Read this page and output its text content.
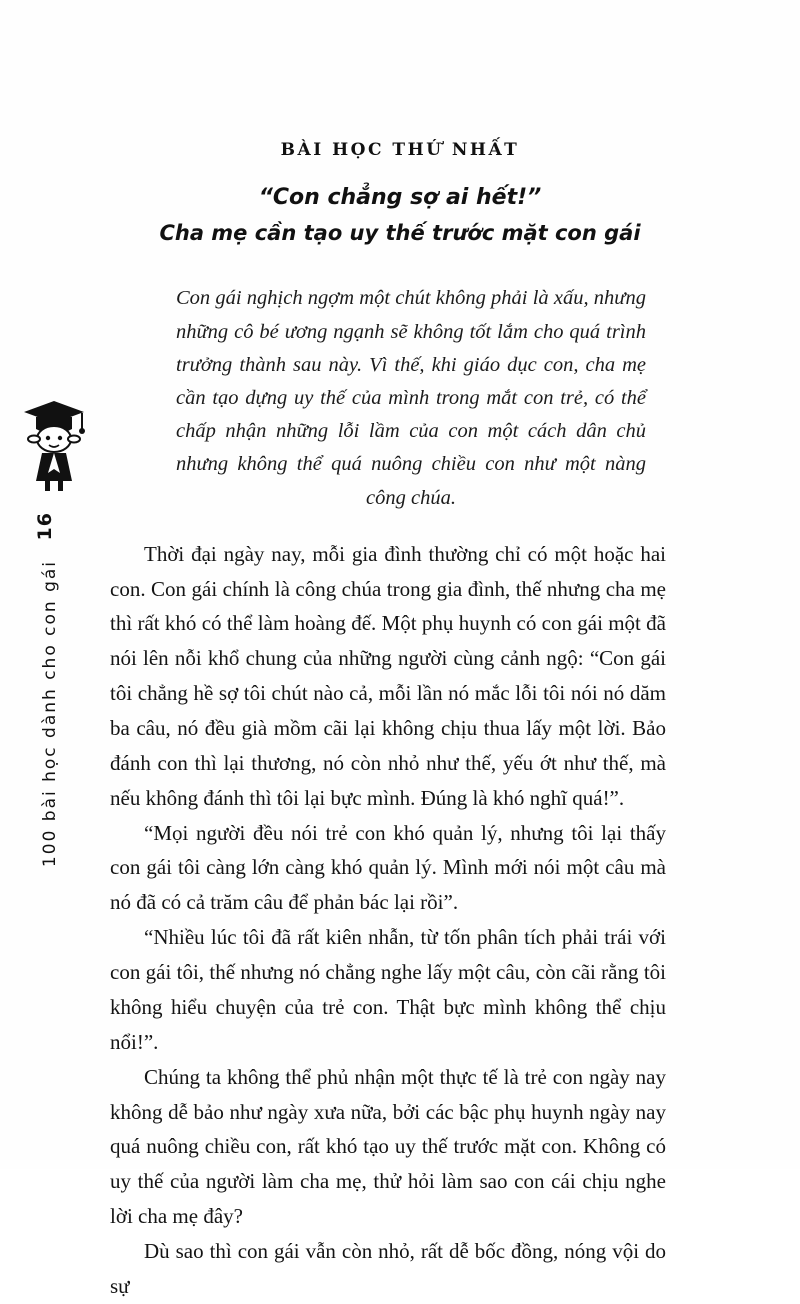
16
100 bài học dành cho con gái
BÀI HỌC THỨ NHẤT
“Con chẳng sợ ai hết!”
Cha mẹ cần tạo uy thế trước mặt con gái
Con gái nghịch ngợm một chút không phải là xấu, nhưng những cô bé ương ngạnh sẽ không tốt lắm cho quá trình trưởng thành sau này. Vì thế, khi giáo dục con, cha mẹ cần tạo dựng uy thế của mình trong mắt con trẻ, có thể chấp nhận những lỗi lầm của con một cách dân chủ nhưng không thể quá nuông chiều con như một nàng công chúa.

Thời đại ngày nay, mỗi gia đình thường chỉ có một hoặc hai con. Con gái chính là công chúa trong gia đình, thế nhưng cha mẹ thì rất khó có thể làm hoàng đế. Một phụ huynh có con gái một đã nói lên nỗi khổ chung của những người cùng cảnh ngộ: “Con gái tôi chẳng hề sợ tôi chút nào cả, mỗi lần nó mắc lỗi tôi nói nó dăm ba câu, nó đều già mồm cãi lại không chịu thua lấy một lời. Bảo đánh con thì lại thương, nó còn nhỏ như thế, yếu ớt như thế, mà nếu không đánh thì tôi lại bực mình. Đúng là khó nghĩ quá!”.

“Mọi người đều nói trẻ con khó quản lý, nhưng tôi lại thấy con gái tôi càng lớn càng khó quản lý. Mình mới nói một câu mà nó đã có cả trăm câu để phản bác lại rồi”.

“Nhiều lúc tôi đã rất kiên nhẫn, từ tốn phân tích phải trái với con gái tôi, thế nhưng nó chẳng nghe lấy một câu, còn cãi rằng tôi không hiểu chuyện của trẻ con. Thật bực mình không thể chịu nổi!”.

Chúng ta không thể phủ nhận một thực tế là trẻ con ngày nay không dễ bảo như ngày xưa nữa, bởi các bậc phụ huynh ngày nay quá nuông chiều con, rất khó tạo uy thế trước mặt con. Không có uy thế của người làm cha mẹ, thử hỏi làm sao con cái chịu nghe lời cha mẹ đây?

Dù sao thì con gái vẫn còn nhỏ, rất dễ bốc đồng, nóng vội do sự
